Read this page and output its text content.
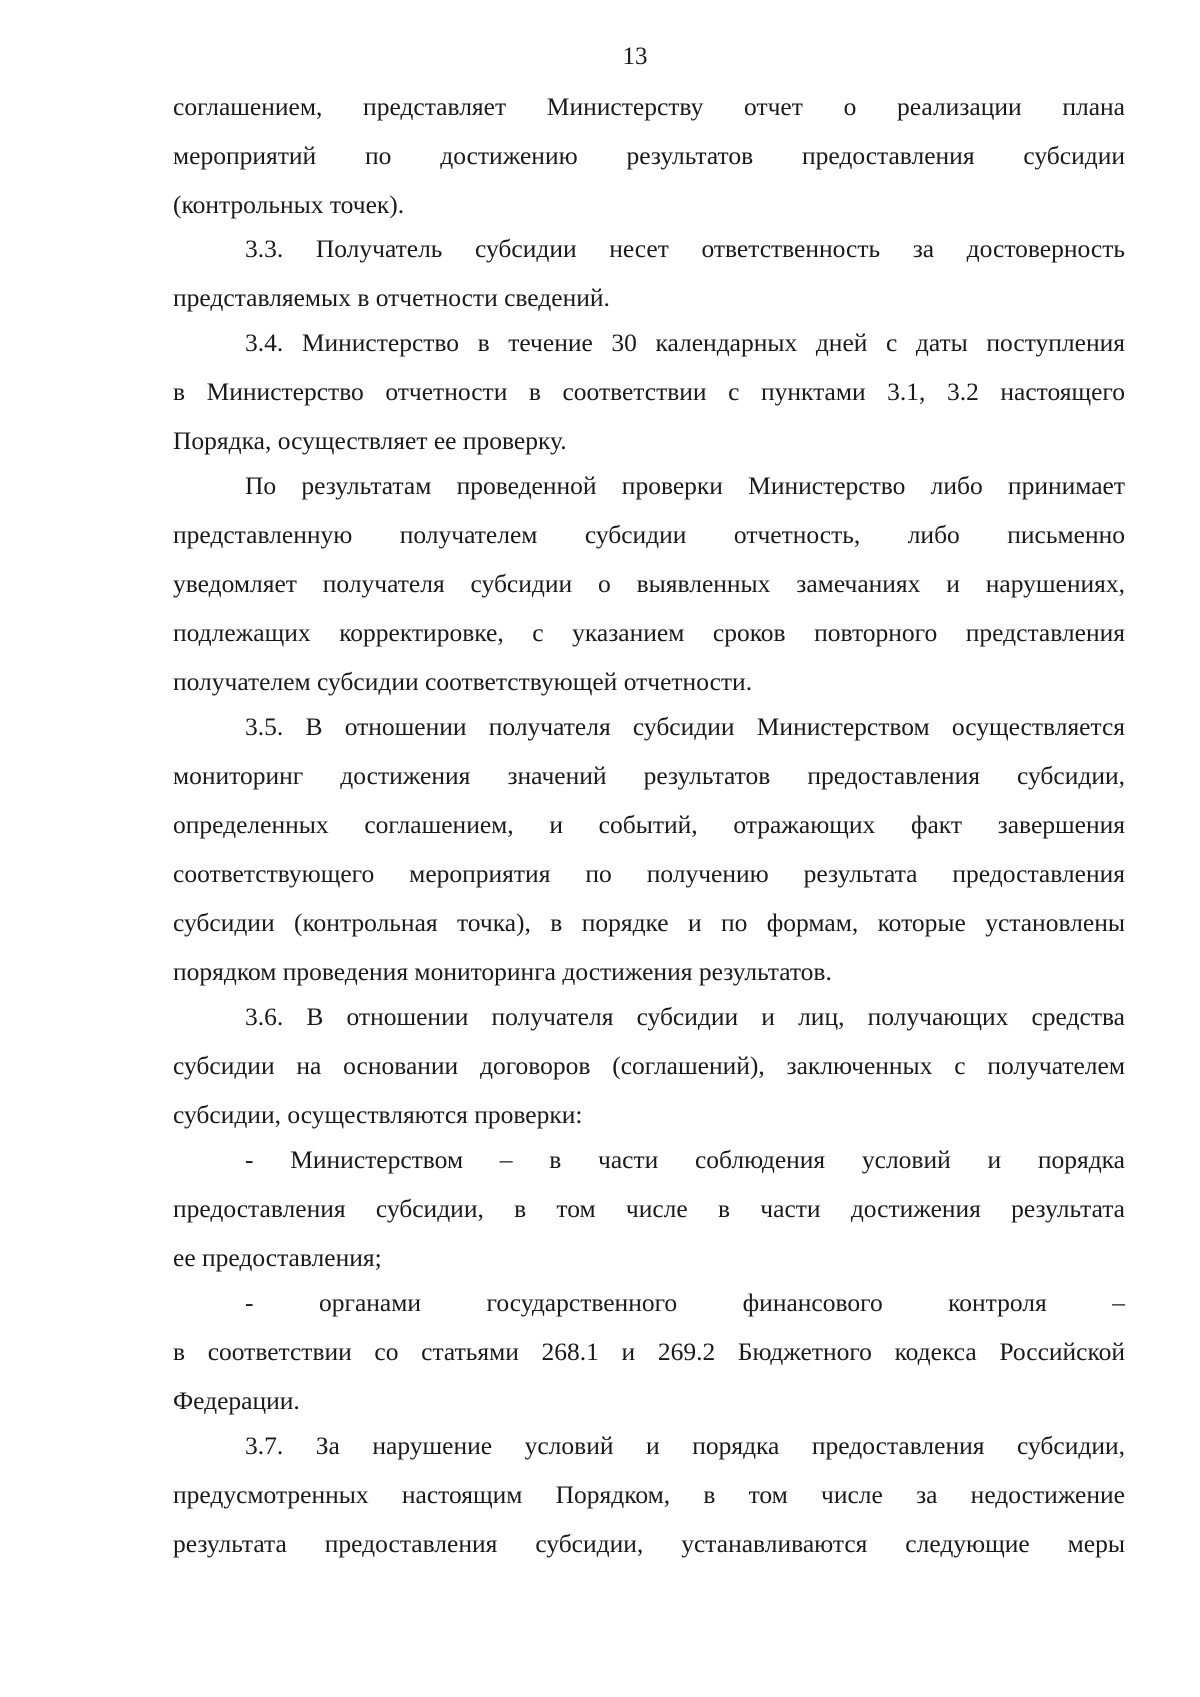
13
соглашением, представляет Министерству отчет о реализации плана
мероприятий по достижению результатов предоставления субсидии
(контрольных точек).
3.3. Получатель субсидии несет ответственность за достоверность
представляемых в отчетности сведений.
3.4. Министерство в течение 30 календарных дней с даты поступления
в Министерство отчетности в соответствии с пунктами 3.1, 3.2 настоящего
Порядка, осуществляет ее проверку.
По результатам проведенной проверки Министерство либо принимает
представленную получателем субсидии отчетность, либо письменно
уведомляет получателя субсидии о выявленных замечаниях и нарушениях,
подлежащих корректировке, с указанием сроков повторного представления
получателем субсидии соответствующей отчетности.
3.5. В отношении получателя субсидии Министерством осуществляется
мониторинг достижения значений результатов предоставления субсидии,
определенных соглашением, и событий, отражающих факт завершения
соответствующего мероприятия по получению результата предоставления
субсидии (контрольная точка), в порядке и по формам, которые установлены
порядком проведения мониторинга достижения результатов.
3.6. В отношении получателя субсидии и лиц, получающих средства
субсидии на основании договоров (соглашений), заключенных с получателем
субсидии, осуществляются проверки:
- Министерством – в части соблюдения условий и порядка
предоставления субсидии, в том числе в части достижения результата
ее предоставления;
- органами государственного финансового контроля –
в соответствии со статьями 268.1 и 269.2 Бюджетного кодекса Российской
Федерации.
3.7. За нарушение условий и порядка предоставления субсидии,
предусмотренных настоящим Порядком, в том числе за недостижение
результата предоставления субсидии, устанавливаются следующие меры
